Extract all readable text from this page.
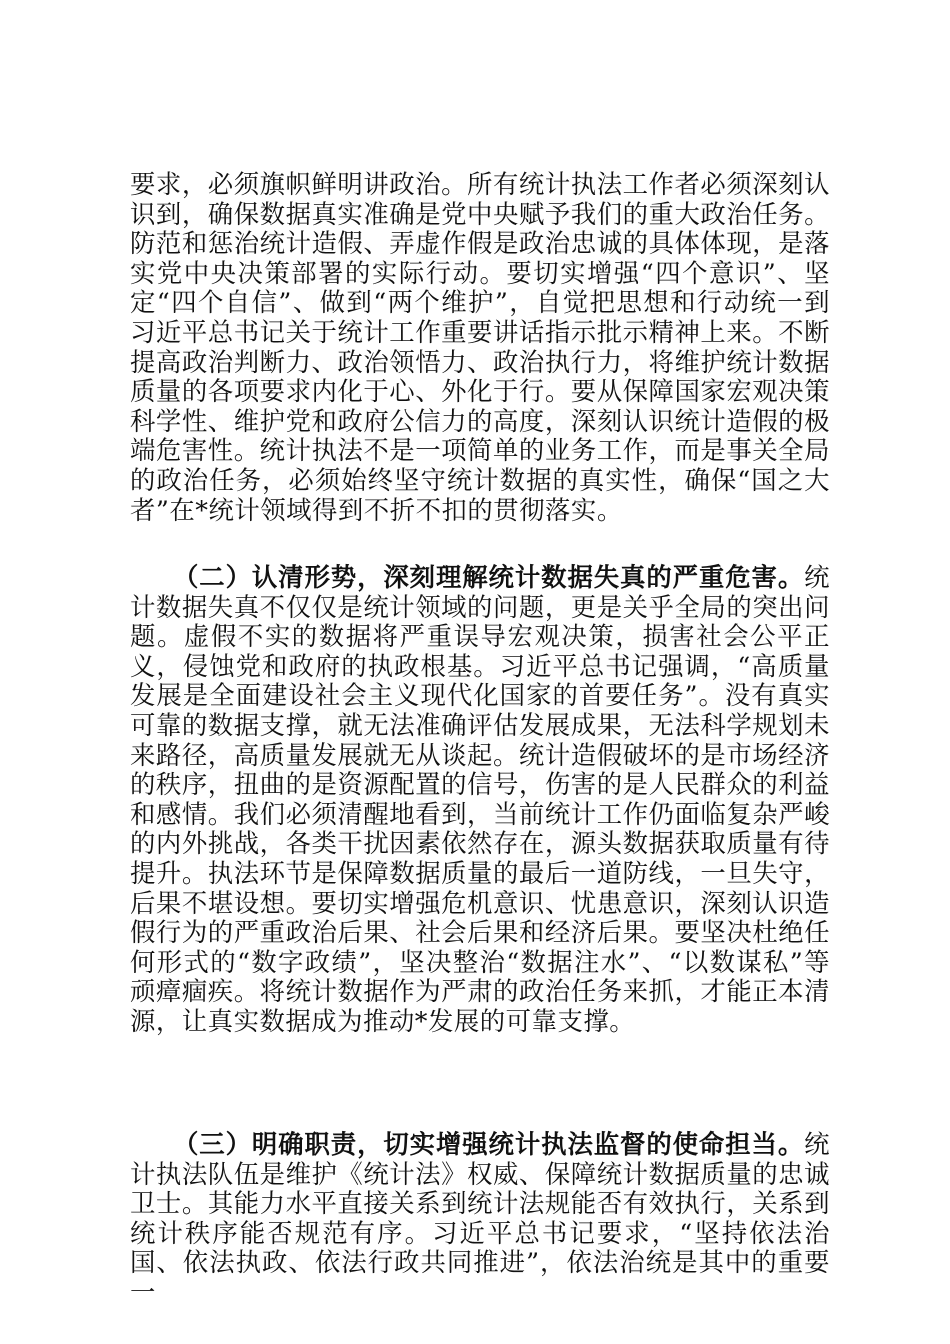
要求，必须旗帜鲜明讲政治。所有统计执法工作者必须深刻认识到，确保数据真实准确是党中央赋予我们的重大政治任务。防范和惩治统计造假、弄虚作假是政治忠诚的具体体现，是落实党中央决策部署的实际行动。要切实增强“四个意识”、坚定“四个自信”、做到“两个维护”，自觉把思想和行动统一到习近平总书记关于统计工作重要讲话指示批示精神上来。不断提高政治判断力、政治领悟力、政治执行力，将维护统计数据质量的各项要求内化于心、外化于行。要从保障国家宏观决策科学性、维护党和政府公信力的高度，深刻认识统计造假的极端危害性。统计执法不是一项简单的业务工作，而是事关全局的政治任务，必须始终坚守统计数据的真实性，确保“国之大者”在*统计领域得到不折不扣的贯彻落实。
（二）认清形势，深刻理解统计数据失真的严重危害。统计数据失真不仅仅是统计领域的问题，更是关乎全局的突出问题。虚假不实的数据将严重误导宏观决策，损害社会公平正义，侵蚀党和政府的执政根基。习近平总书记强调，“高质量发展是全面建设社会主义现代化国家的首要任务”。没有真实可靠的数据支撑，就无法准确评估发展成果，无法科学规划未来路径，高质量发展就无从谈起。统计造假破坏的是市场经济的秩序，扭曲的是资源配置的信号，伤害的是人民群众的利益和感情。我们必须清醒地看到，当前统计工作仍面临复杂严峻的内外挑战，各类干扰因素依然存在，源头数据获取质量有待提升。执法环节是保障数据质量的最后一道防线，一旦失守，后果不堪设想。要切实增强危机意识、忧患意识，深刻认识造假行为的严重政治后果、社会后果和经济后果。要坚决杜绝任何形式的“数字政绩”，坚决整治“数据注水”、“以数谋私”等顽瘴痼疾。将统计数据作为严肃的政治任务来抓，才能正本清源，让真实数据成为推动*发展的可靠支撑。
（三）明确职责，切实增强统计执法监督的使命担当。统计执法队伍是维护《统计法》权威、保障统计数据质量的忠诚卫士。其能力水平直接关系到统计法规能否有效执行，关系到统计秩序能否规范有序。习近平总书记要求，“坚持依法治国、依法执政、依法行政共同推进”，依法治统是其中的重要一
